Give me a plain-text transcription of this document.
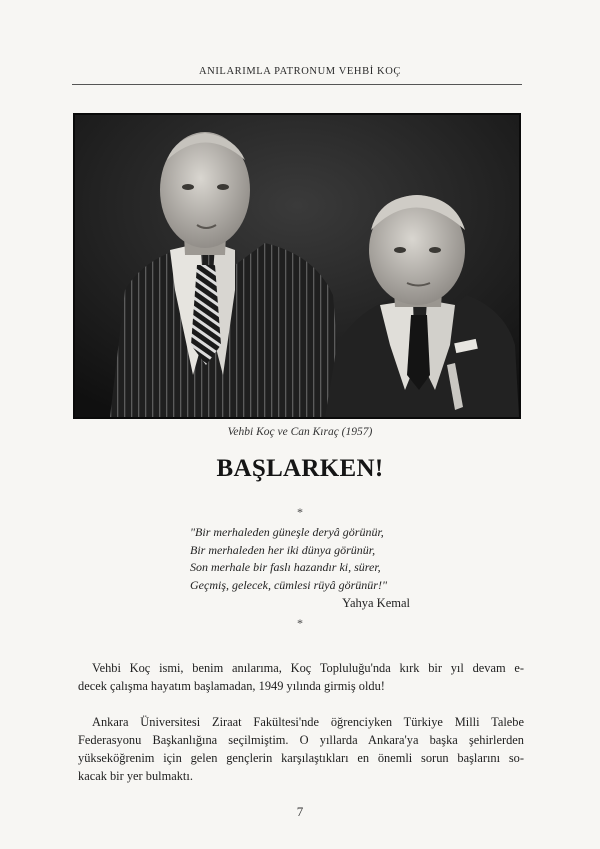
ANILARIMLA PATRONUM VEHBİ KOÇ
Vehbi Koç ve Can Kıraç (1957)
BAŞLARKEN!
*
"Bir merhaleden güneşle deryâ görünür,
Bir merhaleden her iki dünya görünür,
Son merhale bir faslı hazandır ki, sürer,
Geçmiş, gelecek, cümlesi rüyâ görünür!"
Yahya Kemal
*
Vehbi Koç ismi, benim anılarıma, Koç Topluluğu'nda kırk bir yıl devam e-
decek çalışma hayatım başlamadan, 1949 yılında girmiş oldu!
Ankara Üniversitesi Ziraat Fakültesi'nde öğrenciyken Türkiye Milli Talebe
Federasyonu Başkanlığına seçilmiştim. O yıllarda Ankara'ya başka şehirlerden
yükseköğrenim için gelen gençlerin karşılaştıkları en önemli sorun başlarını so-
kacak bir yer bulmaktı.
7
